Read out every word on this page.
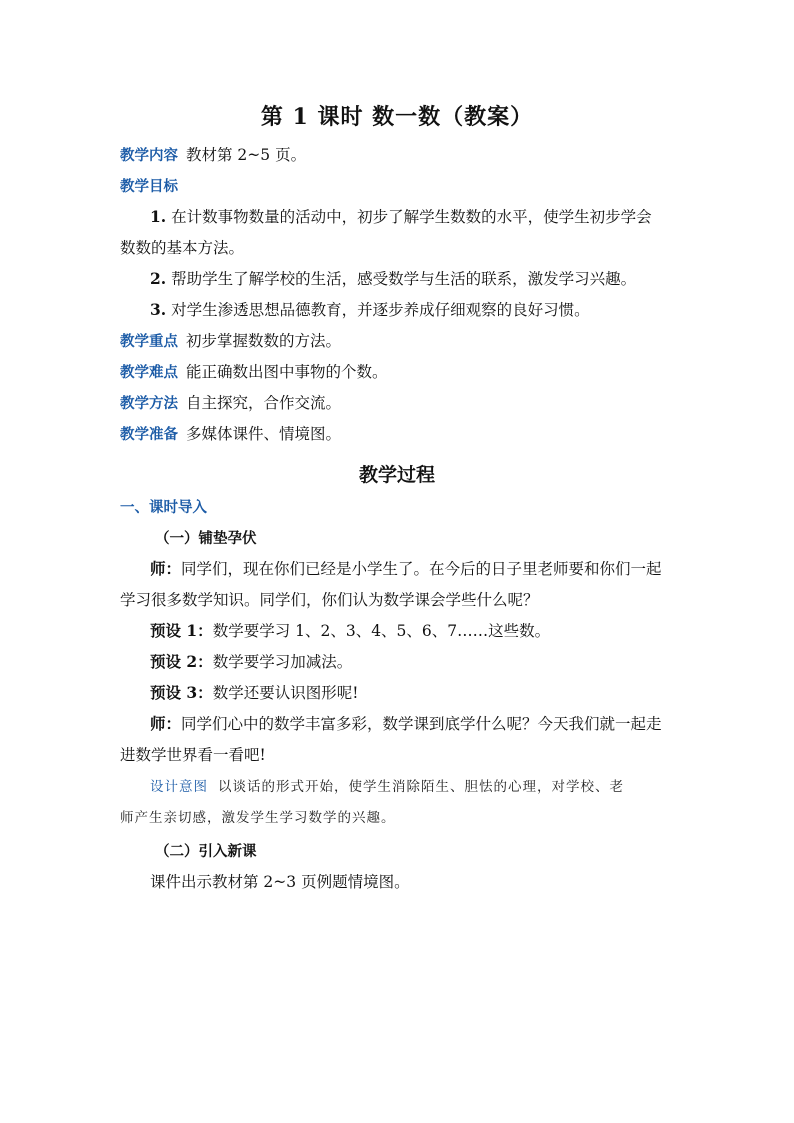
第 1 课时 数一数（教案）
教学内容 教材第 2~5 页。
教学目标
1. 在计数事物数量的活动中，初步了解学生数数的水平，使学生初步学会
数数的基本方法。
2. 帮助学生了解学校的生活，感受数学与生活的联系，激发学习兴趣。
3. 对学生渗透思想品德教育，并逐步养成仔细观察的良好习惯。
教学重点 初步掌握数数的方法。
教学难点 能正确数出图中事物的个数。
教学方法 自主探究，合作交流。
教学准备 多媒体课件、情境图。
教学过程
一、课时导入
（一）铺垫孕伏
师：同学们，现在你们已经是小学生了。在今后的日子里老师要和你们一起
学习很多数学知识。同学们，你们认为数学课会学些什么呢？
预设 1：数学要学习 1、2、3、4、5、6、7……这些数。
预设 2：数学要学习加减法。
预设 3：数学还要认识图形呢!
师：同学们心中的数学丰富多彩，数学课到底学什么呢？今天我们就一起走
进数学世界看一看吧!
设计意图 以谈话的形式开始，使学生消除陌生、胆怯的心理，对学校、老
师产生亲切感，激发学生学习数学的兴趣。
（二）引入新课
课件出示教材第 2~3 页例题情境图。
